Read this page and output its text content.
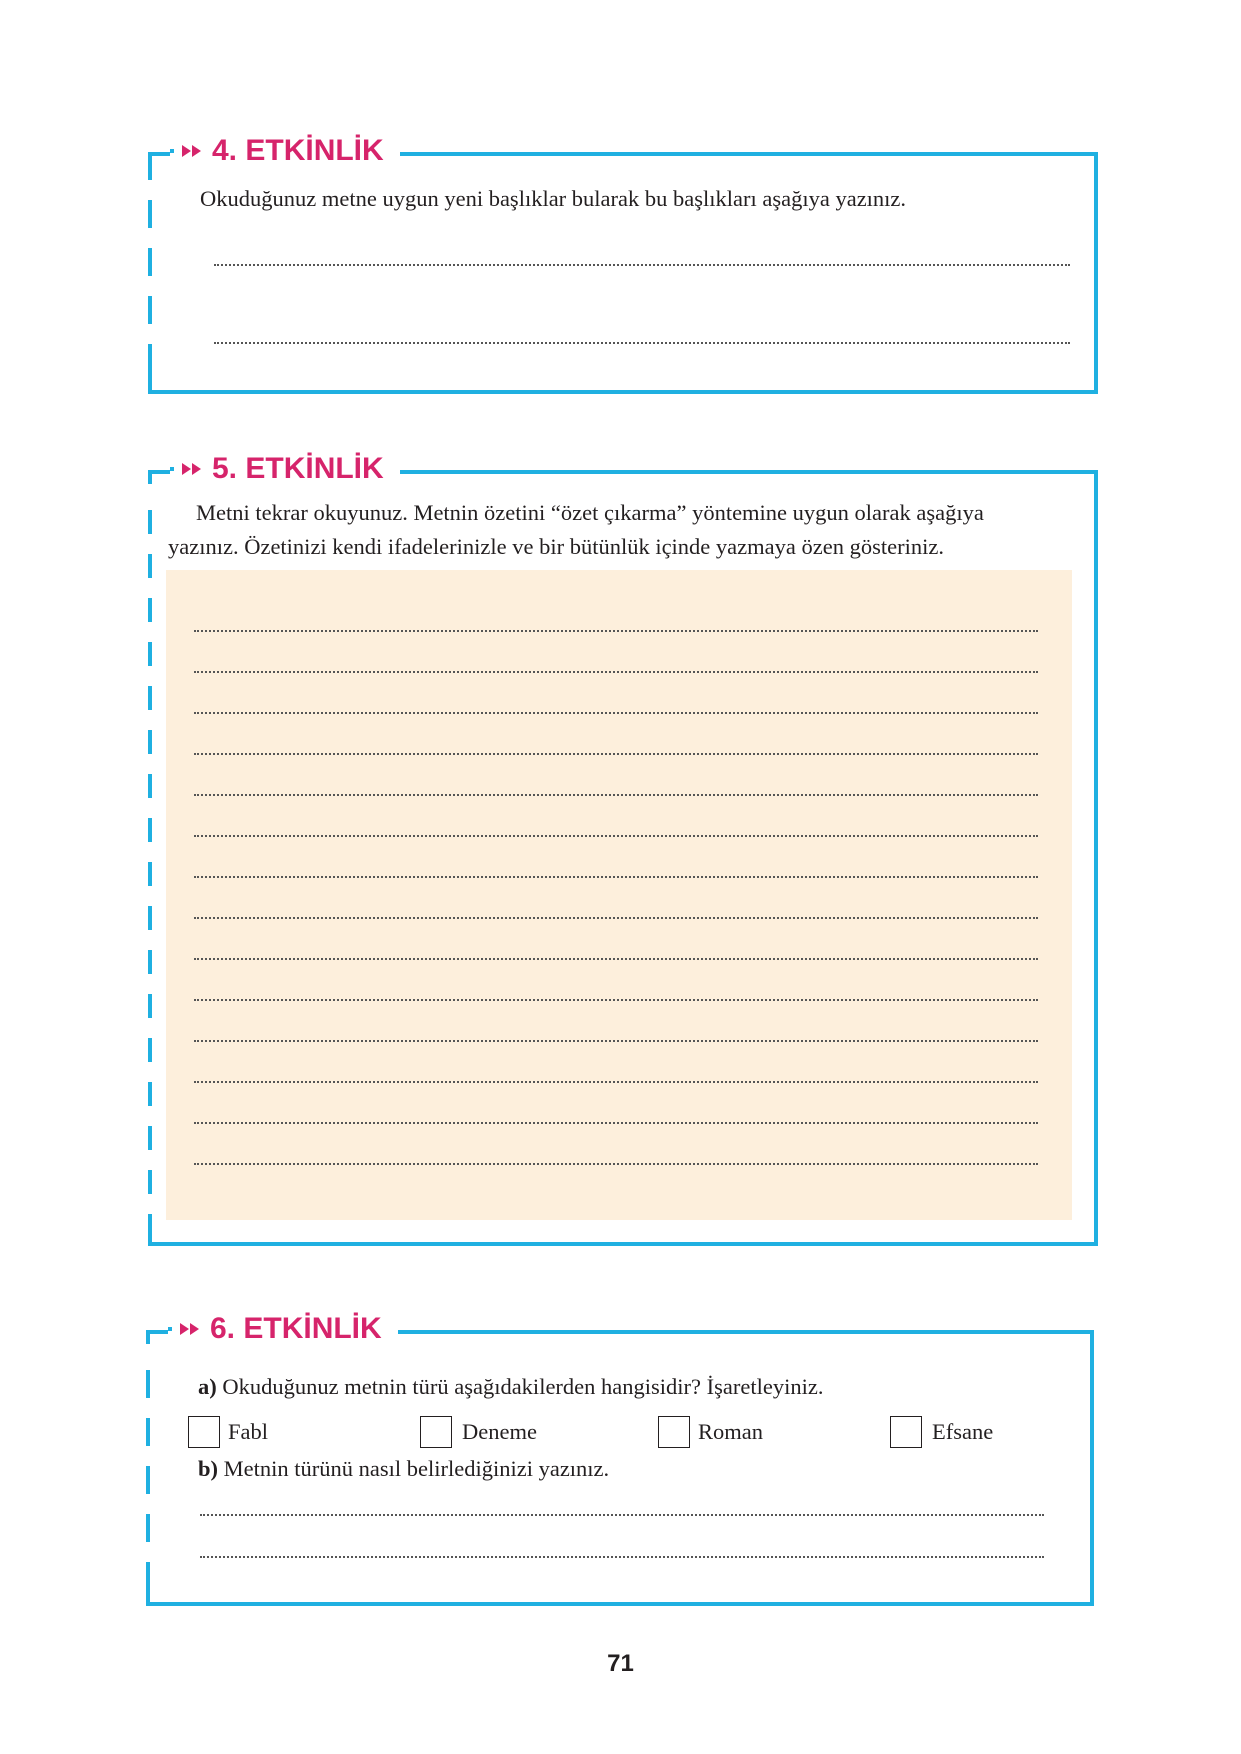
4. ETKİNLİK
Okuduğunuz metne uygun yeni başlıklar bularak bu başlıkları aşağıya yazınız.
5. ETKİNLİK
Metni tekrar okuyunuz. Metnin özetini “özet çıkarma” yöntemine uygun olarak aşağıya
yazınız. Özetinizi kendi ifadelerinizle ve bir bütünlük içinde yazmaya özen gösteriniz.
6. ETKİNLİK
a) Okuduğunuz metnin türü aşağıdakilerden hangisidir? İşaretleyiniz.
Fabl	Deneme	Roman	Efsane
b) Metnin türünü nasıl belirlediğinizi yazınız.
71
